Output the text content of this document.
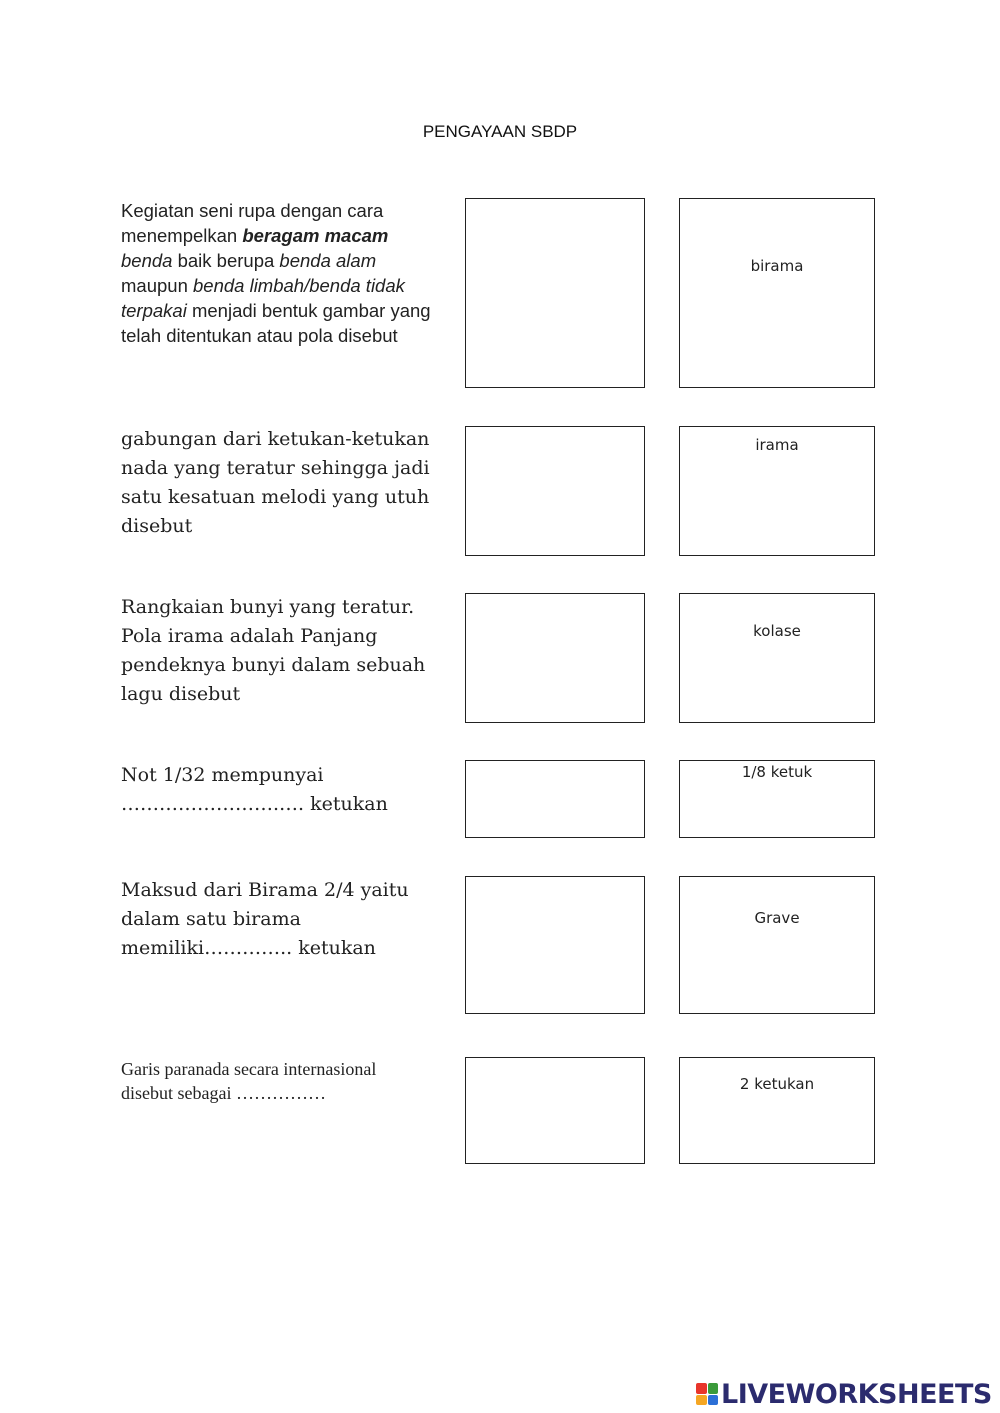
PENGAYAAN SBDP
Kegiatan seni rupa dengan cara menempelkan beragam macam benda baik berupa benda alam maupun benda limbah/benda tidak terpakai menjadi bentuk gambar yang telah ditentukan atau pola disebut
birama
gabungan dari ketukan-ketukan nada yang teratur sehingga jadi satu kesatuan melodi yang utuh disebut
irama
Rangkaian bunyi yang teratur. Pola irama adalah Panjang pendeknya bunyi dalam sebuah lagu disebut
kolase
Not 1/32 mempunyai …………………….…. ketukan
1/8 ketuk
Maksud dari Birama 2/4 yaitu dalam satu birama memiliki………….. ketukan
Grave
Garis paranada secara internasional disebut sebagai ……………	2 ketukan
LIVEWORKSHEETS
